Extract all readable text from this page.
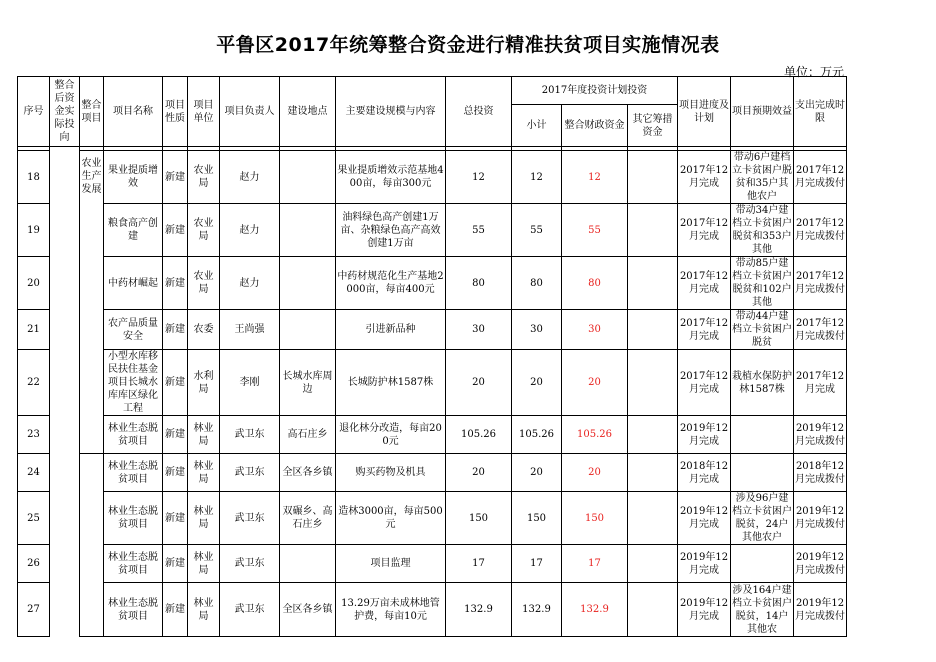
平鲁区2017年统筹整合资金进行精准扶贫项目实施情况表
单位：万元
序号	整合后资金实际投向	整合项目	项目名称	项目性质	项目单位	项目负责人	建设地点	主要建设规模与内容	总投资	2017年度投资计划投资			项目进度及计划	项目预期效益	支出完成时限
										小计	整合财政资金	其它筹措资金			

18		农业生产发展	果业提质增效	新建	农业局	赵力		果业提质增效示范基地400亩，每亩300元	12	12	12		2017年12月完成	带动6户建档立卡贫困户脱贫和35户其他农户	2017年12月完成拨付
19			粮食高产创建	新建	农业局	赵力		油料绿色高产创建1万亩、杂粮绿色高产高效创建1万亩	55	55	55		2017年12月完成	带动34户建档立卡贫困户脱贫和353户其他	2017年12月完成拨付
20			中药材崛起	新建	农业局	赵力		中药材规范化生产基地2000亩，每亩400元	80	80	80		2017年12月完成	带动85户建档立卡贫困户脱贫和102户其他	2017年12月完成拨付
21			农产品质量安全	新建	农委	王尚强		引进新品种	30	30	30		2017年12月完成	带动44户建档立卡贫困户脱贫	2017年12月完成拨付
22			小型水库移民扶住基金项目长城水库库区绿化工程	新建	水利局	李刚	长城水库周边	长城防护林1587株	20	20	20		2017年12月完成	栽植水保防护林1587株	2017年12月完成
23			林业生态脱贫项目	新建	林业局	武卫东	高石庄乡	退化林分改造，每亩200元	105.26	105.26	105.26		2019年12月完成		2019年12月完成拨付
24			林业生态脱贫项目	新建	林业局	武卫东	全区各乡镇	购买药物及机具	20	20	20		2018年12月完成		2018年12月完成拨付
25			林业生态脱贫项目	新建	林业局	武卫东	双碾乡、高石庄乡	造林3000亩，每亩500元	150	150	150		2019年12月完成	涉及96户建档立卡贫困户脱贫，24户其他农户	2019年12月完成拨付
26			林业生态脱贫项目	新建	林业局	武卫东		项目监理	17	17	17		2019年12月完成		2019年12月完成拨付
27			林业生态脱贫项目	新建	林业局	武卫东	全区各乡镇	13.29万亩未成林地管护费，每亩10元	132.9	132.9	132.9		2019年12月完成	涉及164户建档立卡贫困户脱贫，14户其他农	2019年12月完成拨付
